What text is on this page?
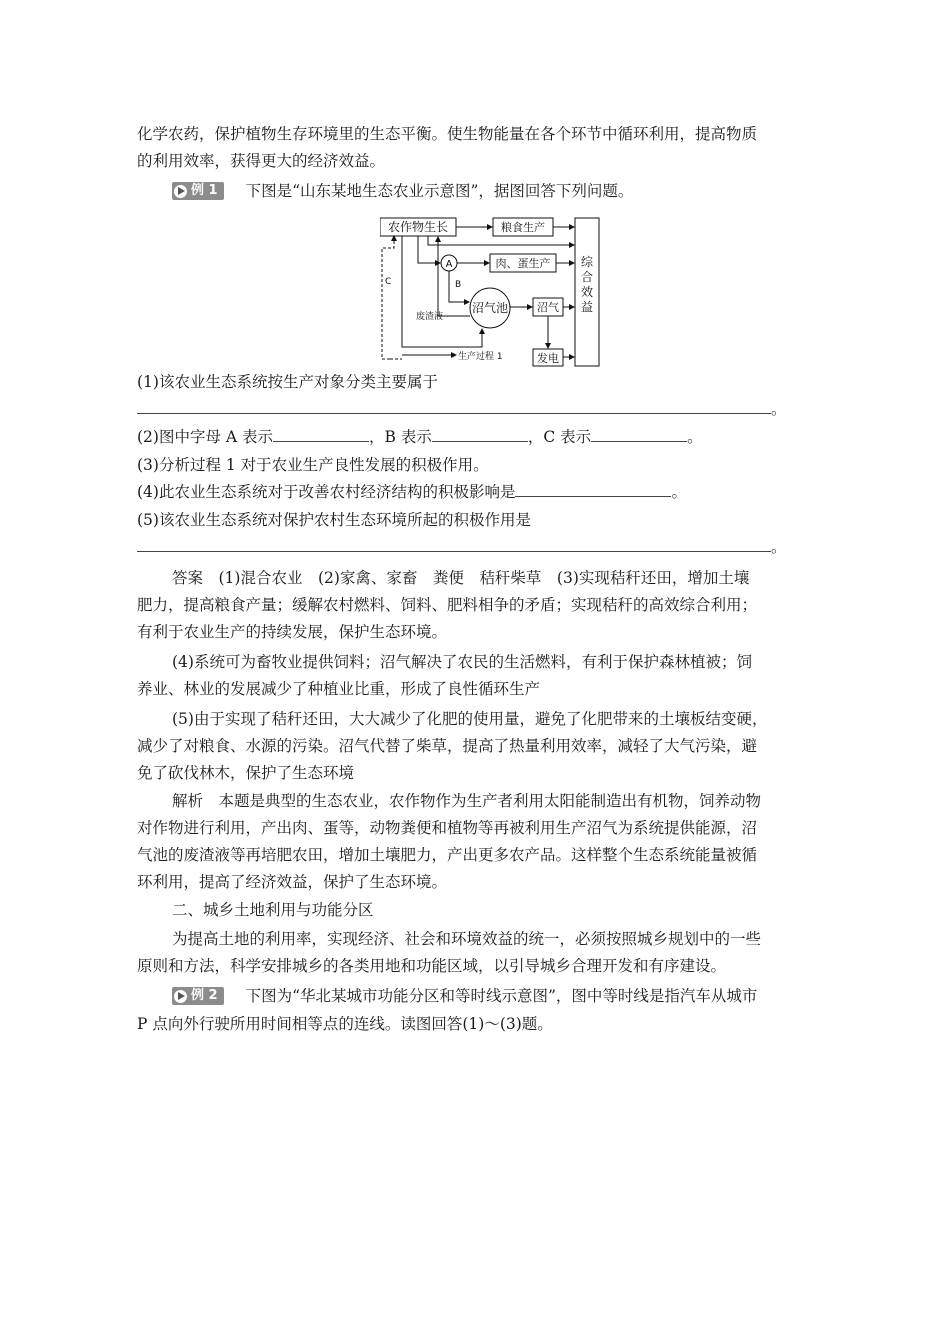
化学农药，保护植物生存环境里的生态平衡。使生物能量在各个环节中循环利用，提高物质
的利用效率，获得更大的经济效益。
例 1 下图是“山东某地生态农业示意图”，据图回答下列问题。
农作物生长	粮食生产
肉、蛋生产	综合效益
A
沼气池	沼气
发电
B
废渣液
生产过程 1
C
(1)该农业生态系统按生产对象分类主要属于
。
(2)图中字母 A 表示	，B 表示	，C 表示	。
(3)分析过程 1 对于农业生产良性发展的积极作用。
(4)此农业生态系统对于改善农村经济结构的积极影响是	。
(5)该农业生态系统对保护农村生态环境所起的积极作用是
。
答案　(1)混合农业　(2)家禽、家畜　粪便　秸秆柴草　(3)实现秸秆还田，增加土壤
肥力，提高粮食产量；缓解农村燃料、饲料、肥料相争的矛盾；实现秸秆的高效综合利用；
有利于农业生产的持续发展，保护生态环境。
(4)系统可为畜牧业提供饲料；沼气解决了农民的生活燃料，有利于保护森林植被；饲
养业、林业的发展减少了种植业比重，形成了良性循环生产
(5)由于实现了秸秆还田，大大减少了化肥的使用量，避免了化肥带来的土壤板结变硬，
减少了对粮食、水源的污染。沼气代替了柴草，提高了热量利用效率，减轻了大气污染，避
免了砍伐林木，保护了生态环境
解析　本题是典型的生态农业，农作物作为生产者利用太阳能制造出有机物，饲养动物
对作物进行利用，产出肉、蛋等，动物粪便和植物等再被利用生产沼气为系统提供能源，沼
气池的废渣液等再培肥农田，增加土壤肥力，产出更多农产品。这样整个生态系统能量被循
环利用，提高了经济效益，保护了生态环境。
二、城乡土地利用与功能分区
为提高土地的利用率，实现经济、社会和环境效益的统一，必须按照城乡规划中的一些
原则和方法，科学安排城乡的各类用地和功能区域，以引导城乡合理开发和有序建设。
例 2 下图为“华北某城市功能分区和等时线示意图”，图中等时线是指汽车从城市
P 点向外行驶所用时间相等点的连线。读图回答(1)～(3)题。
